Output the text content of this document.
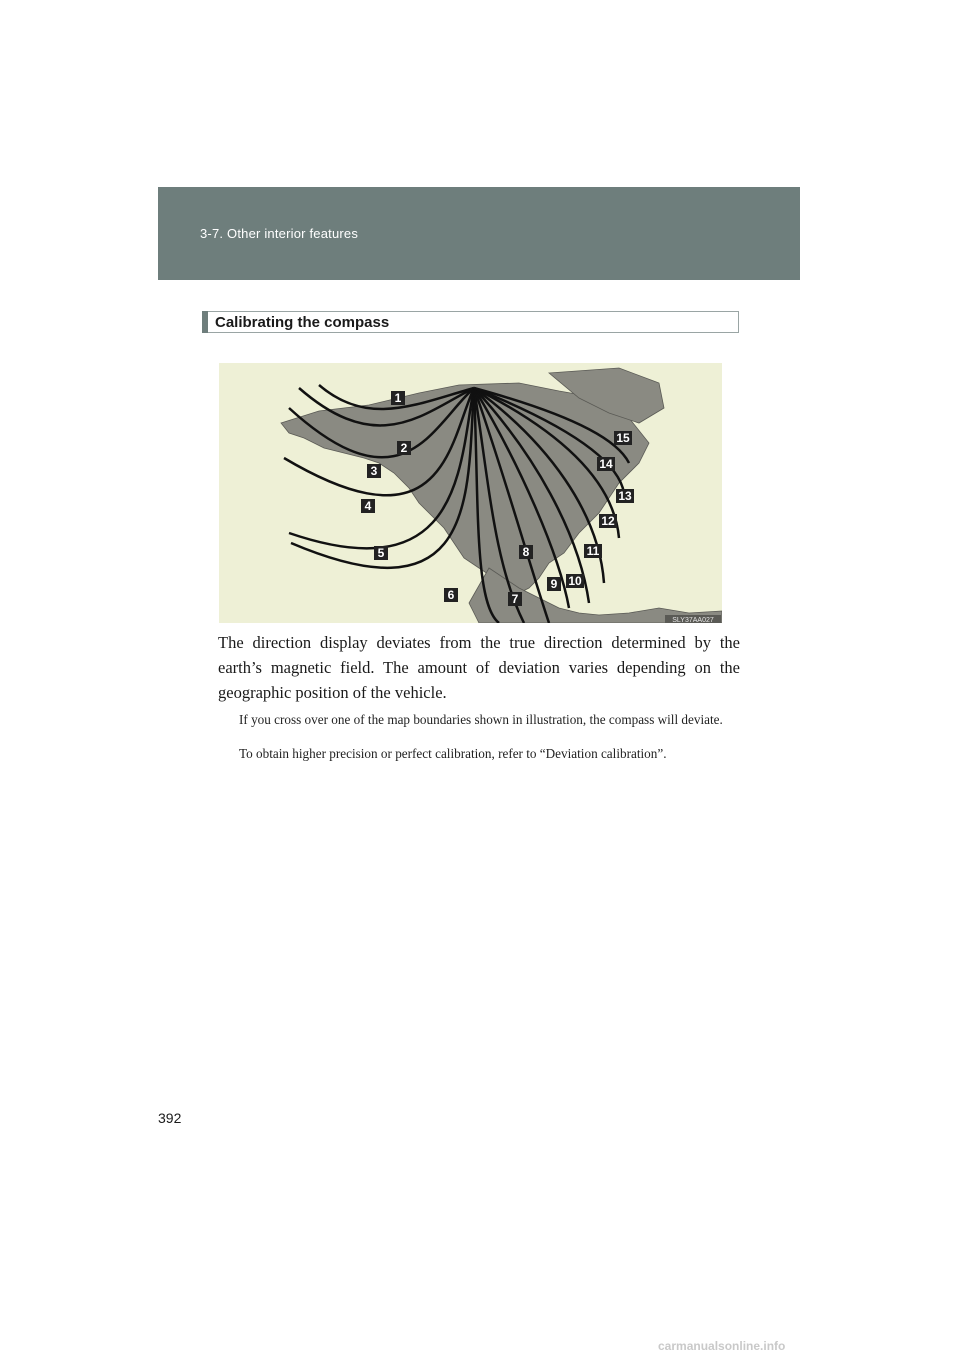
3-7. Other interior features
Calibrating the compass
1
2
3
4
5
6	7
8
9 10
11
12
13
14
15
SLY37AA027
The direction display deviates from the true direction determined by the earth’s magnetic field. The amount of deviation varies depending on the geographic position of the vehicle.
If you cross over one of the map boundaries shown in illustration, the compass will deviate.
To obtain higher precision or perfect calibration, refer to “Deviation calibration”.
392
carmanualsonline.info
